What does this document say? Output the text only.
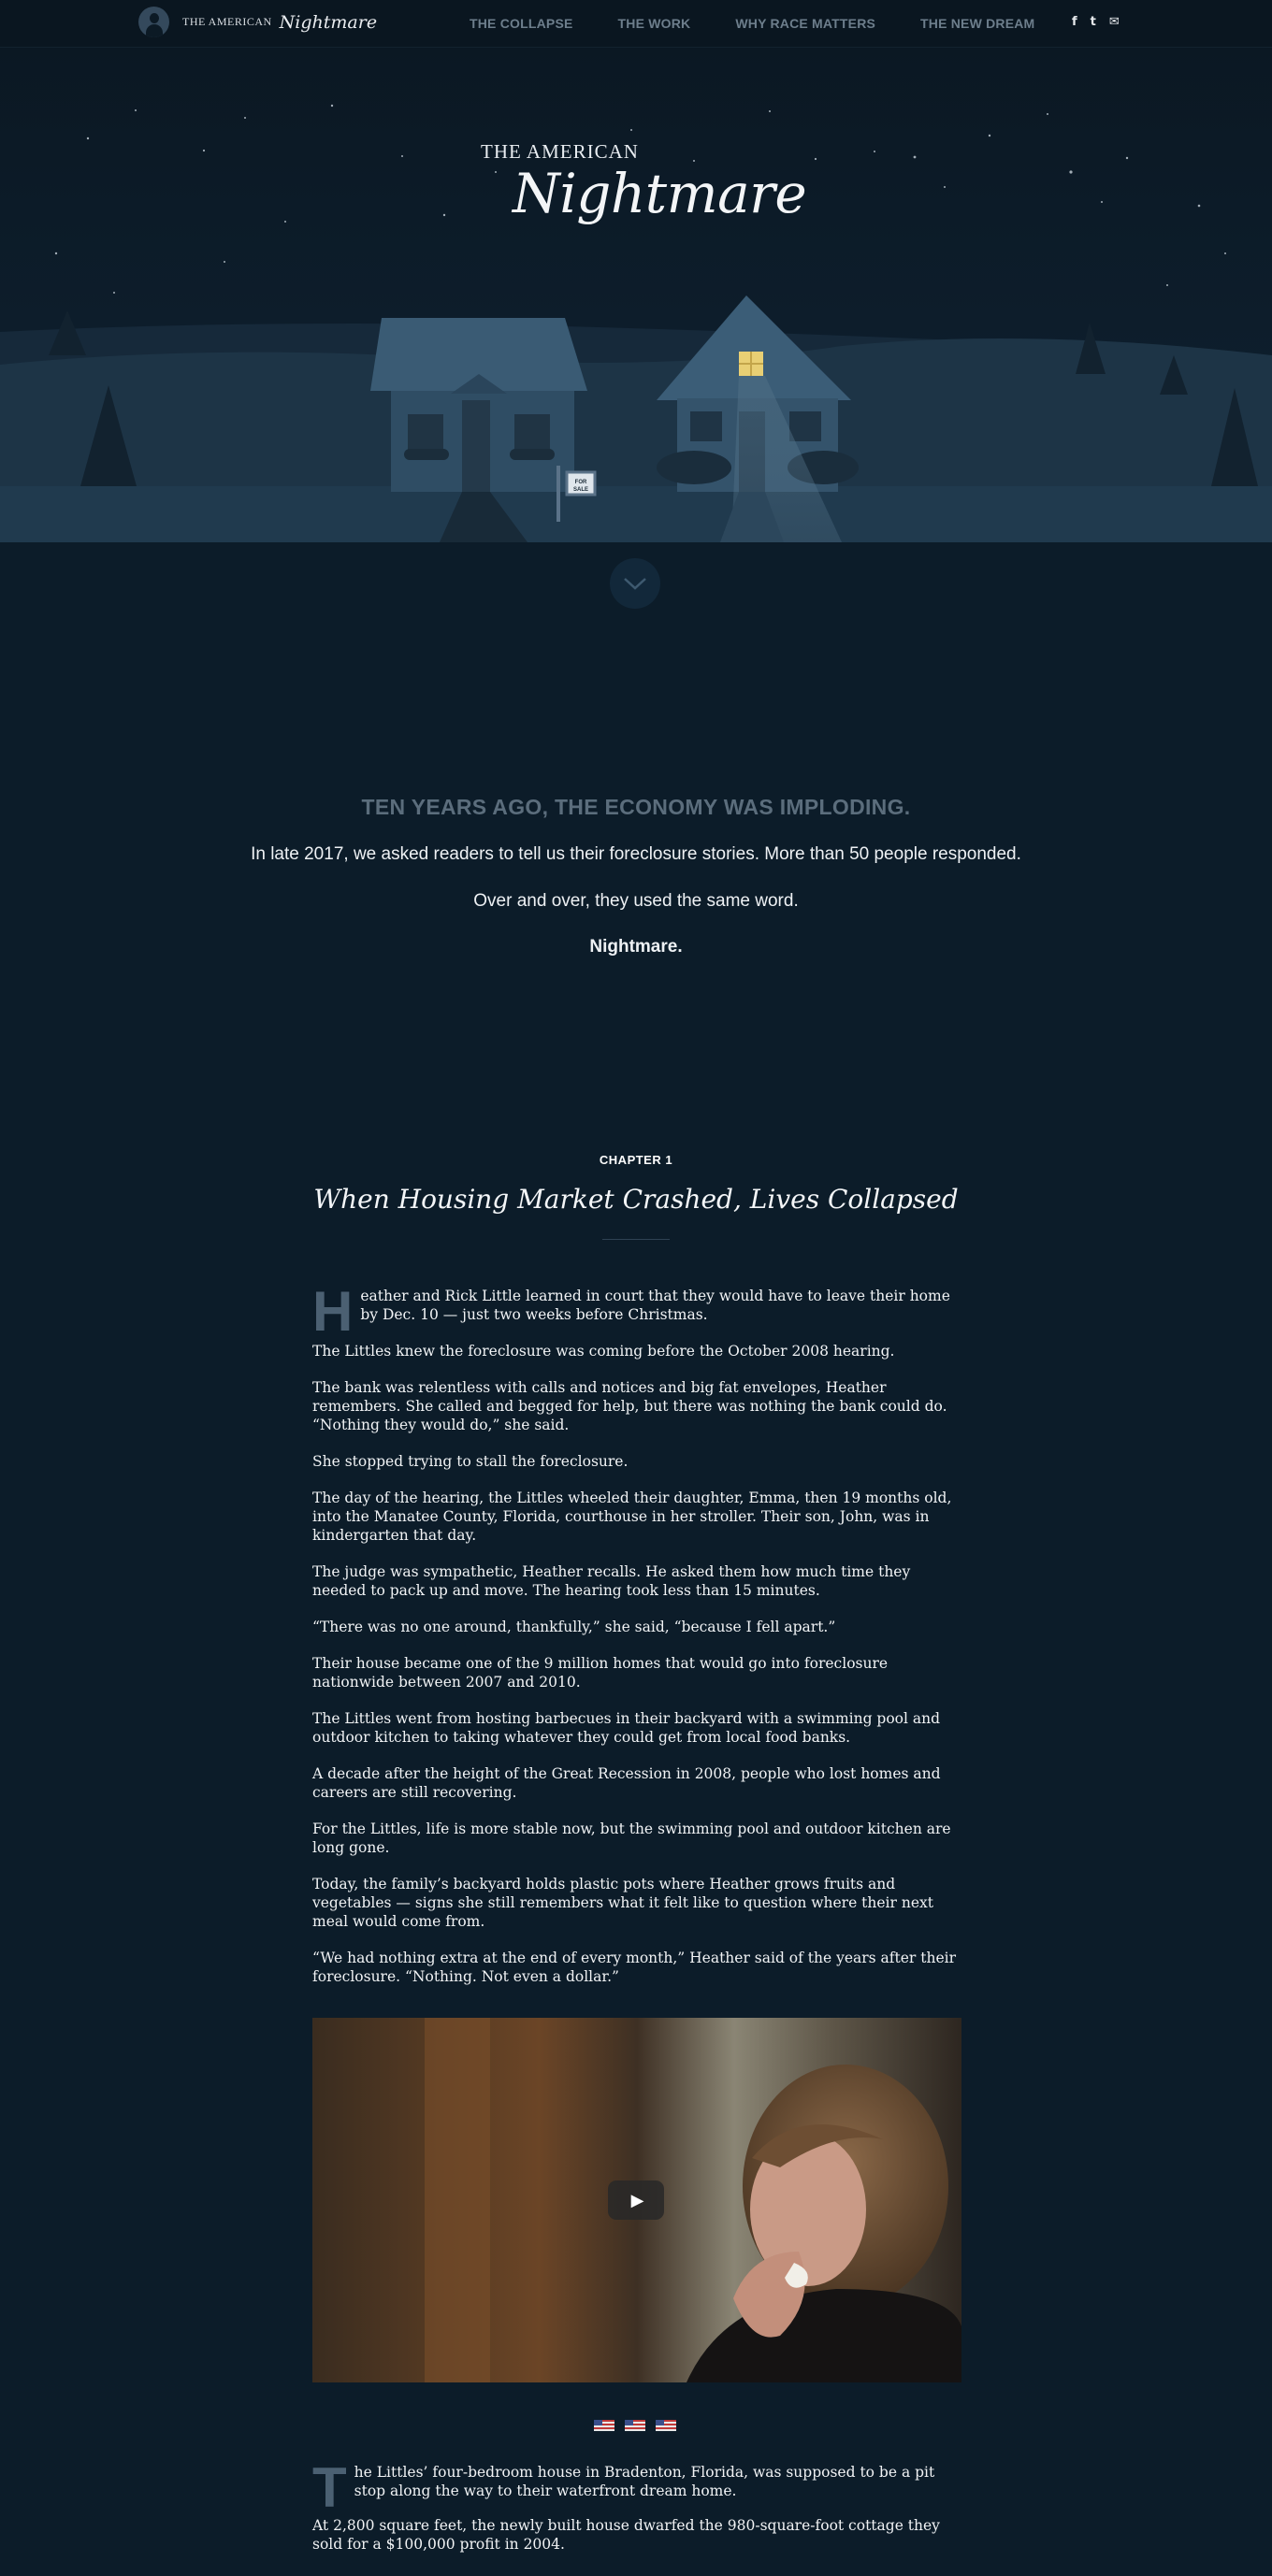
THE AMERICAN Nightmare	THE COLLAPSE	THE WORK	WHY RACE MATTERS	THE NEW DREAM	f t ✉
FOR
SALE
THE AMERICAN
Nightmare
TEN YEARS AGO, THE ECONOMY WAS IMPLODING.

In late 2017, we asked readers to tell us their foreclosure stories. More than 50 people responded.

Over and over, they used the same word.

Nightmare.

CHAPTER 1
When Housing Market Crashed, Lives Collapsed

H eather and Rick Little learned in court that they would have to leave their home by Dec. 10 — just two weeks before Christmas.

The Littles knew the foreclosure was coming before the October 2008 hearing.

The bank was relentless with calls and notices and big fat envelopes, Heather remembers. She called and begged for help, but there was nothing the bank could do. “Nothing they would do,” she said.

She stopped trying to stall the foreclosure.

The day of the hearing, the Littles wheeled their daughter, Emma, then 19 months old, into the Manatee County, Florida, courthouse in her stroller. Their son, John, was in kindergarten that day.

The judge was sympathetic, Heather recalls. He asked them how much time they needed to pack up and move. The hearing took less than 15 minutes.

“There was no one around, thankfully,” she said, “because I fell apart.”

Their house became one of the 9 million homes that would go into foreclosure nationwide between 2007 and 2010.

The Littles went from hosting barbecues in their backyard with a swimming pool and outdoor kitchen to taking whatever they could get from local food banks.

A decade after the height of the Great Recession in 2008, people who lost homes and careers are still recovering.

For the Littles, life is more stable now, but the swimming pool and outdoor kitchen are long gone.

Today, the family’s backyard holds plastic pots where Heather grows fruits and vegetables — signs she still remembers what it felt like to question where their next meal would come from.

“We had nothing extra at the end of every month,” Heather said of the years after their foreclosure. “Nothing. Not even a dollar.”

▶

T he Littles’ four-bedroom house in Bradenton, Florida, was supposed to be a pit stop along the way to their waterfront dream home.

At 2,800 square feet, the newly built house dwarfed the 980-square-foot cottage they sold for a $100,000 profit in 2004.
